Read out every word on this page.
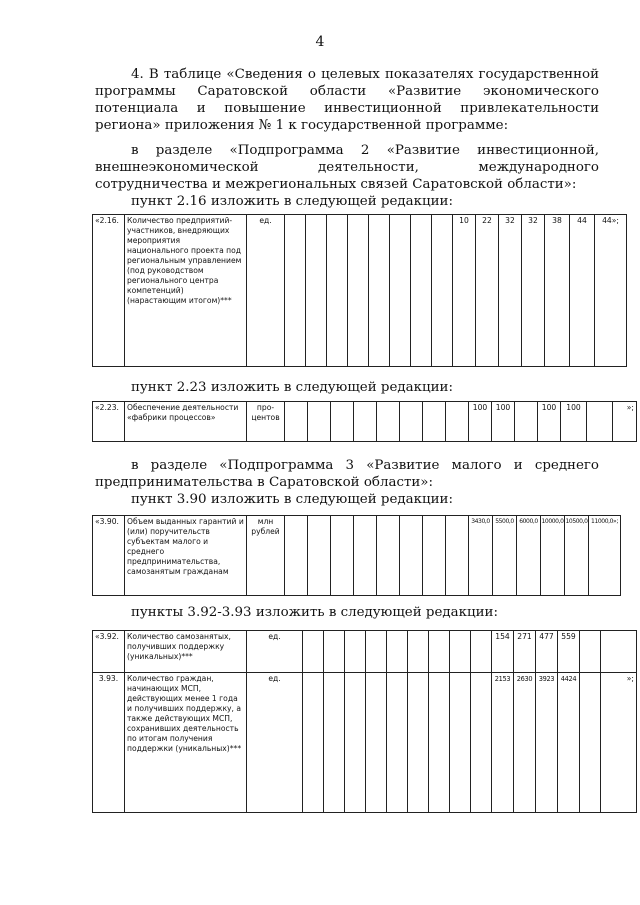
4
4. В таблице «Сведения о целевых показателях государственной программы Саратовской области «Развитие экономического потенциала и повышение инвестиционной привлекательности региона» приложения № 1 к государственной программе:
в разделе «Подпрограмма 2 «Развитие инвестиционной, внешнеэкономической деятельности, международного сотрудничества и межрегиональных связей Саратовской области»:
пункт 2.16 изложить в следующей редакции:
«2.16.	Количество предприятий-участников, внедряющих мероприятия национального проекта под региональным управлением (под руководством регионального центра компетенций) (нарастающим итогом)***	ед.									10	22	32	32	38	44	44»;
пункт 2.23 изложить в следующей редакции:
«2.23.	Обеспечение деятельности «фабрики процессов»	про-центов									100	100		100	100		»;
в разделе «Подпрограмма 3 «Развитие малого и среднего предпринимательства в Саратовской области»:
пункт 3.90 изложить в следующей редакции:
«3.90.	Объем выданных гарантий и (или) поручительств субъектам малого и среднего предпринимательства, самозанятым гражданам	млн рублей									3430,0	5500,0	6000,0	10000,0	10500,0	11000,0»;
пункты 3.92-3.93 изложить в следующей редакции:
«3.92.	Количество самозанятых, получивших поддержку (уникальных)***	ед.										154	271	477	559		
3.93.	Количество граждан, начинающих МСП, действующих менее 1 года и получивших поддержку, а также действующих МСП, сохранивших деятельность по итогам получения поддержки (уникальных)***	ед.										2153	2630	3923	4424		»;
